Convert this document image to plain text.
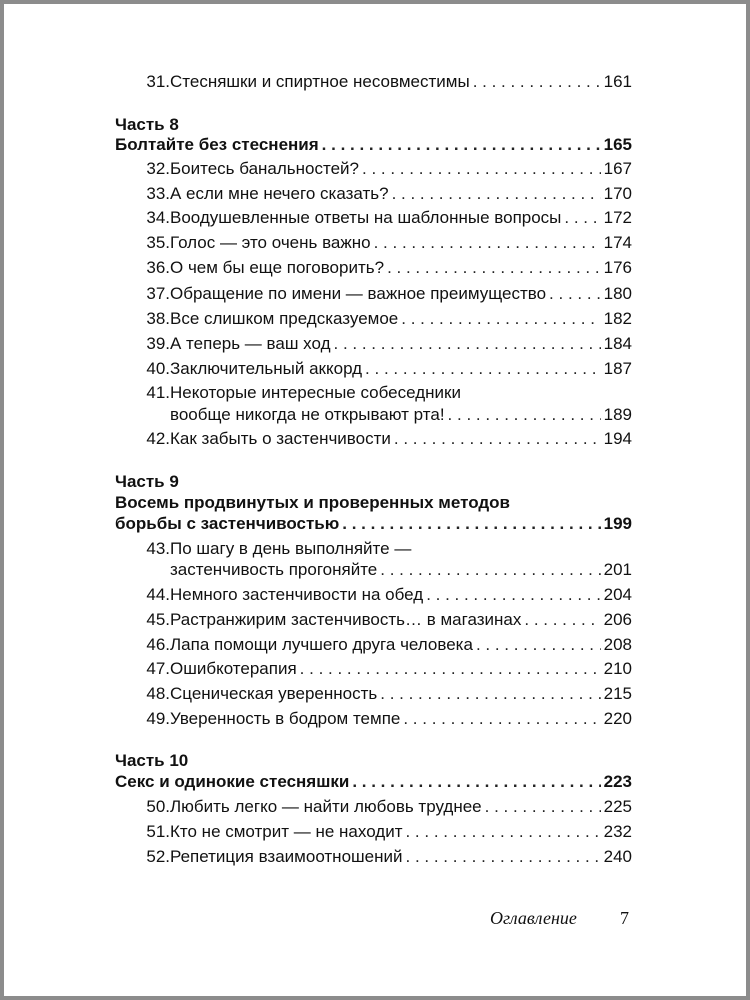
31. Стесняшки и спиртное несовместимы . . .	161
Часть 8
Болтайте без стеснения . . .	165
32. Боитесь банальностей? . . .	167
33. А если мне нечего сказать? . . .	170
34. Воодушевленные ответы на шаблонные вопросы . . . 172
35. Голос — это очень важно . . .	174
36. О чем бы еще поговорить? . . .	176
37. Обращение по имени — важное преимущество . . .	180
38. Все слишком предсказуемое . . .	182
39. А теперь — ваш ход . . .	184
40. Заключительный аккорд . . .	187
41. Некоторые интересные собеседники
вообще никогда не открывают рта! . . .	189
42. Как забыть о застенчивости . . .	194
Часть 9
Восемь продвинутых и проверенных методов
борьбы с застенчивостью . . .	199
43. По шагу в день выполняйте —
застенчивость прогоняйте . . .	201
44. Немного застенчивости на обед . . .	204
45. Растранжирим застенчивость… в магазинах . . .	206
46. Лапа помощи лучшего друга человека . . .	208
47. Ошибкотерапия . . .	210
48. Сценическая уверенность . . .	215
49. Уверенность в бодром темпе . . .	220
Часть 10
Секс и одинокие стесняшки . . .	223
50. Любить легко — найти любовь труднее . . .	225
51. Кто не смотрит — не находит . . .	232
52. Репетиция взаимоотношений . . .	240
Оглавление 7
